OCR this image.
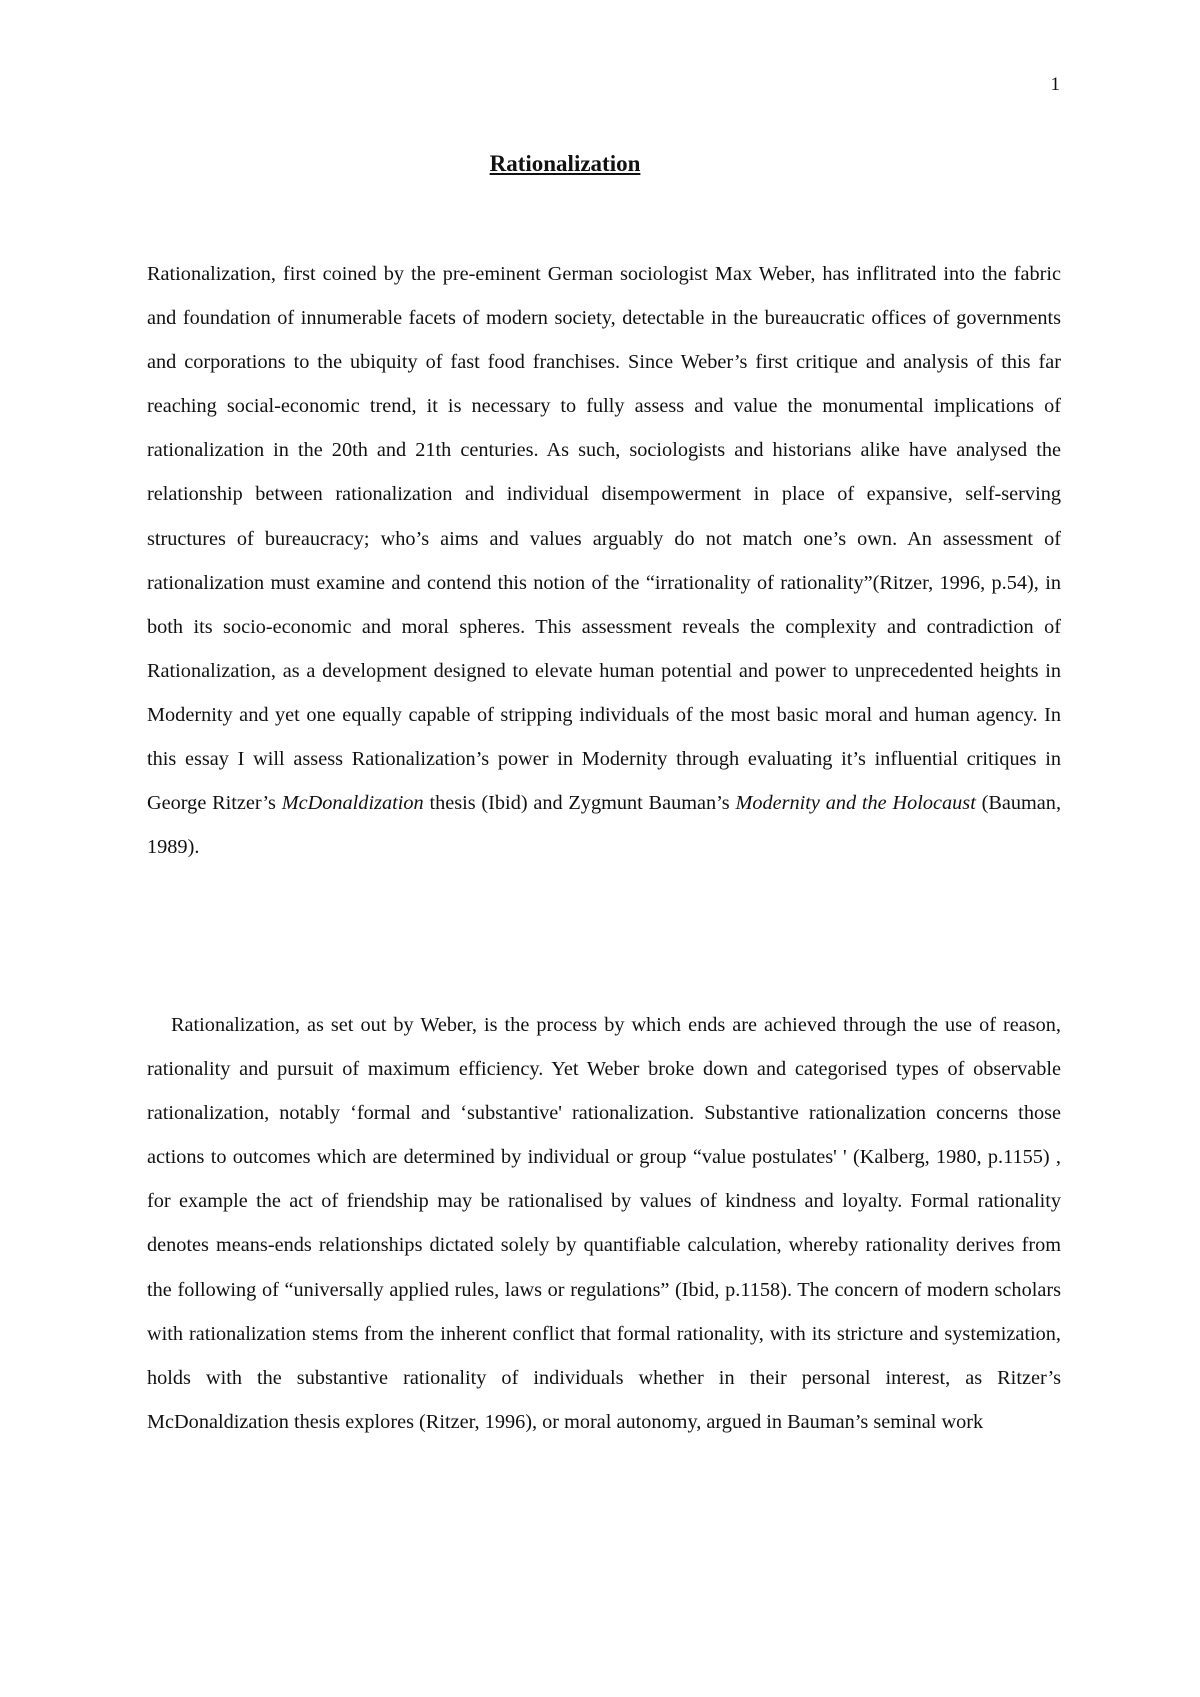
1
Rationalization

Rationalization, first coined by the pre-eminent German sociologist Max Weber, has inflitrated into the fabric and foundation of innumerable facets of modern society, detectable in the bureaucratic offices of governments and corporations to the ubiquity of fast food franchises. Since Weber’s first critique and analysis of this far reaching social-economic trend, it is necessary to fully assess and value the monumental implications of rationalization in the 20th and 21th centuries. As such, sociologists and historians alike have analysed the relationship between rationalization and individual disempowerment in place of expansive, self-serving structures of bureaucracy; who’s aims and values arguably do not match one’s own. An assessment of rationalization must examine and contend this notion of the “irrationality of rationality”(Ritzer, 1996, p.54), in both its socio-economic and moral spheres. This assessment reveals the complexity and contradiction of Rationalization, as a development designed to elevate human potential and power to unprecedented heights in Modernity and yet one equally capable of stripping individuals of the most basic moral and human agency. In this essay I will assess Rationalization’s power in Modernity through evaluating it’s influential critiques in George Ritzer’s McDonaldization thesis (Ibid) and Zygmunt Bauman’s Modernity and the Holocaust (Bauman, 1989).

Rationalization, as set out by Weber, is the process by which ends are achieved through the use of reason, rationality and pursuit of maximum efficiency. Yet Weber broke down and categorised types of observable rationalization, notably ‘formal and ‘substantive' rationalization. Substantive rationalization concerns those actions to outcomes which are determined by individual or group “value postulates' ' (Kalberg, 1980, p.1155) , for example the act of friendship may be rationalised by values of kindness and loyalty. Formal rationality denotes means-ends relationships dictated solely by quantifiable calculation, whereby rationality derives from the following of “universally applied rules, laws or regulations” (Ibid, p.1158). The concern of modern scholars with rationalization stems from the inherent conflict that formal rationality, with its stricture and systemization, holds with the substantive rationality of individuals whether in their personal interest, as Ritzer’s McDonaldization thesis explores (Ritzer, 1996), or moral autonomy, argued in Bauman’s seminal work
